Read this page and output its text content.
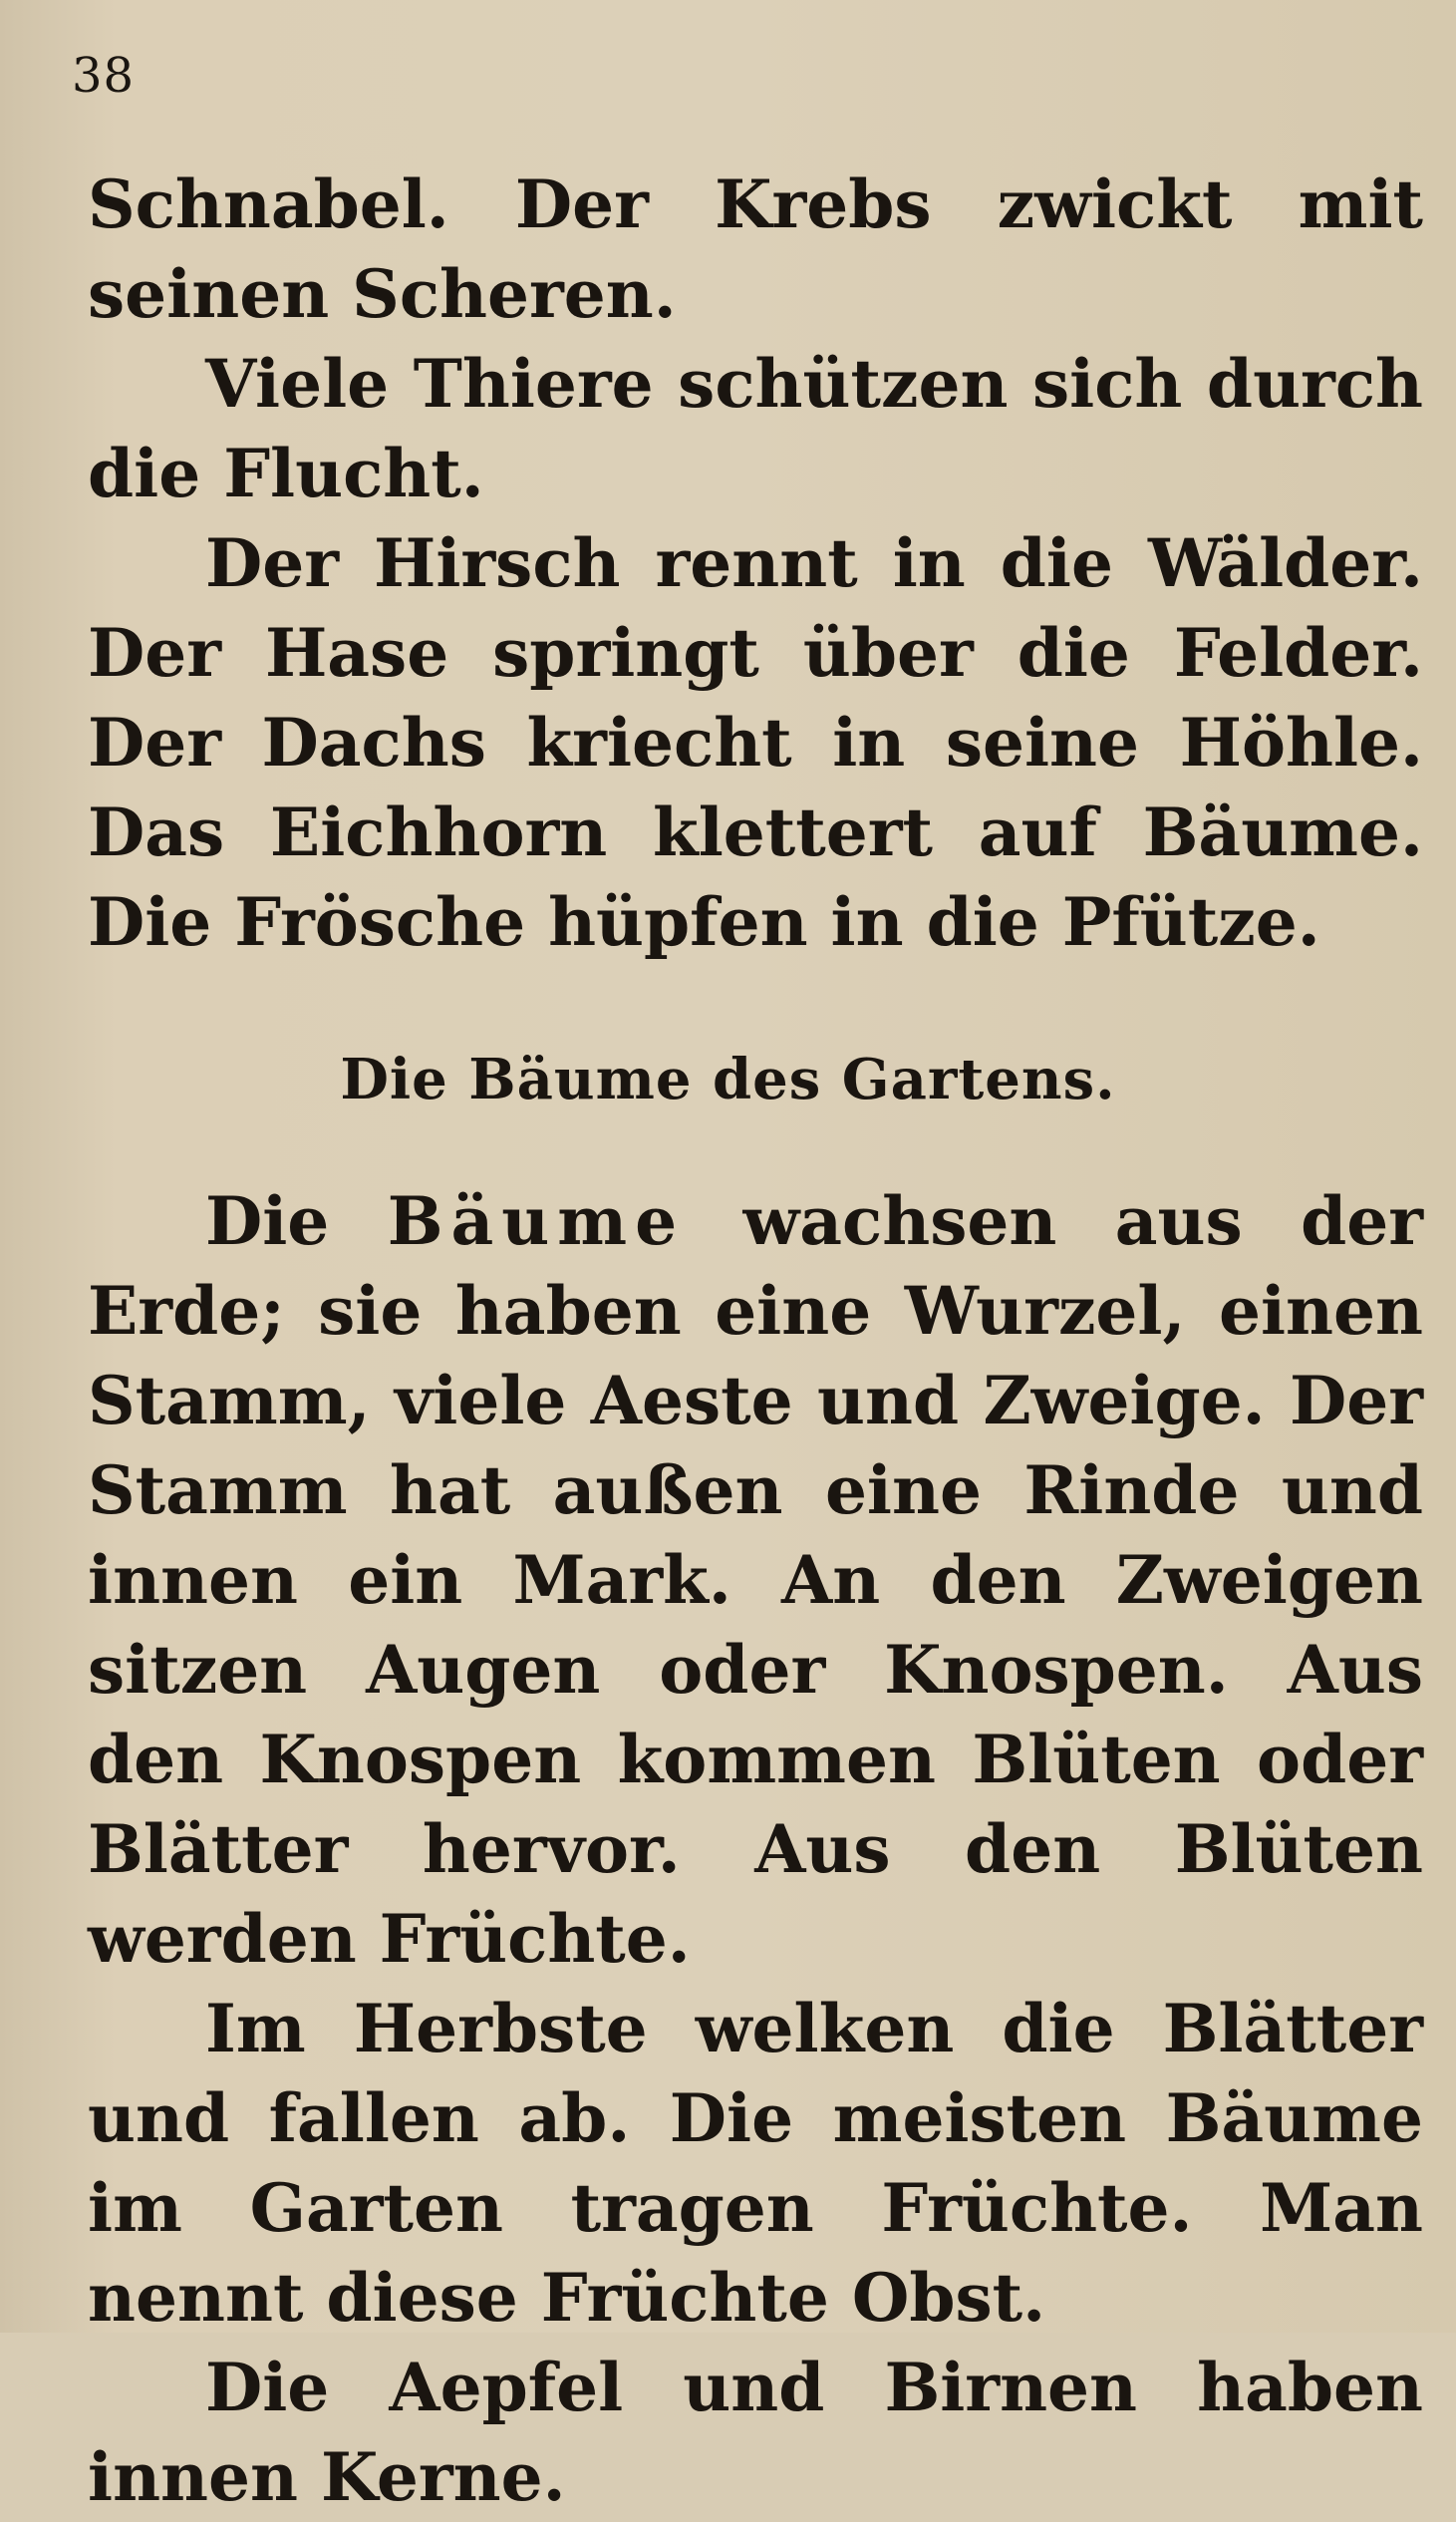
38

Schnabel. Der Krebs zwickt mit seinen Scheren.

Viele Thiere schützen sich durch die Flucht.

Der Hirsch rennt in die Wälder. Der Hase springt über die Felder. Der Dachs kriecht in seine Höhle. Das Eichhorn klettert auf Bäume. Die Frösche hüpfen in die Pfütze.

Die Bäume des Gartens.

Die Bäume wachsen aus der Erde; sie haben eine Wurzel, einen Stamm, viele Aeste und Zweige. Der Stamm hat außen eine Rinde und innen ein Mark. An den Zweigen sitzen Augen oder Knospen. Aus den Knospen kommen Blüten oder Blätter hervor. Aus den Blüten werden Früchte.

Im Herbste welken die Blätter und fallen ab. Die meisten Bäume im Garten tragen Früchte. Man nennt diese Früchte Obst.

Die Aepfel und Birnen haben innen Kerne.
